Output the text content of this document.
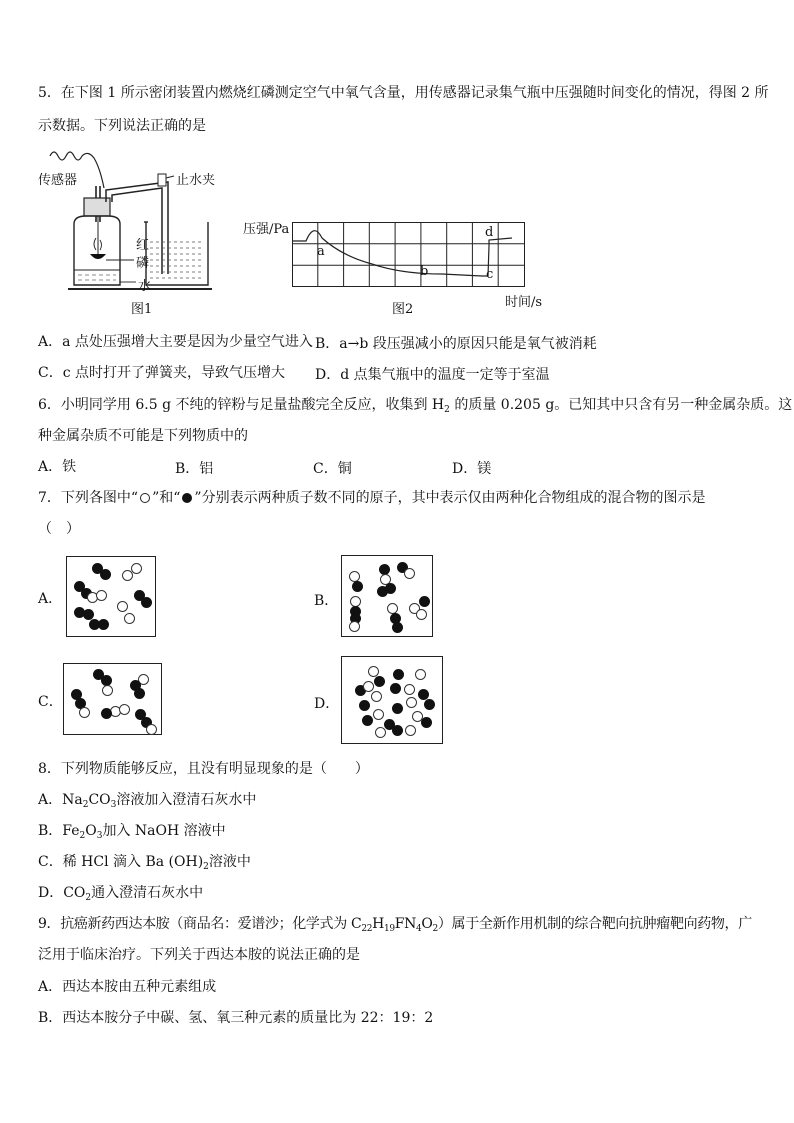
5．在下图 1 所示密闭装置内燃烧红磷测定空气中氧气含量，用传感器记录集气瓶中压强随时间变化的情况，得图 2 所
示数据。下列说法正确的是
传感器	止水夹
红
磷
水
图1
压强/Pa
a
b	c
d
图2	时间/s
A．a 点处压强增大主要是因为少量空气进入 B．a→b 段压强减小的原因只能是氧气被消耗
C．c 点时打开了弹簧夹，导致气压增大 D．d 点集气瓶中的温度一定等于室温
6．小明同学用 6.5 g 不纯的锌粉与足量盐酸完全反应，收集到 $H_2$ 的质量 0.205 g。已知其中只含有另一种金属杂质。这
种金属杂质不可能是下列物质中的
A．铁	B．铝	C．铜	D．镁
7．下列各图中“ ”和“ ”分别表示两种质子数不同的原子，其中表示仅由两种化合物组成的混合物的图示是
（　）
A．	B．
C．	D．
8．下列物质能够反应，且没有明显现象的是（　　）
A．$Na_2CO_3$溶液加入澄清石灰水中
B．$Fe_2O_3$加入 NaOH 溶液中
C．稀 HCl 滴入 Ba $(OH)_2$溶液中
D．$CO_2$通入澄清石灰水中
9．抗癌新药西达本胺（商品名：爱谱沙；化学式为 $C_{22}H_{19}FN_4O_2$）属于全新作用机制的综合靶向抗肿瘤靶向药物，广
泛用于临床治疗。下列关于西达本胺的说法正确的是
A．西达本胺由五种元素组成
B．西达本胺分子中碳、氢、氧三种元素的质量比为 22：19：2
